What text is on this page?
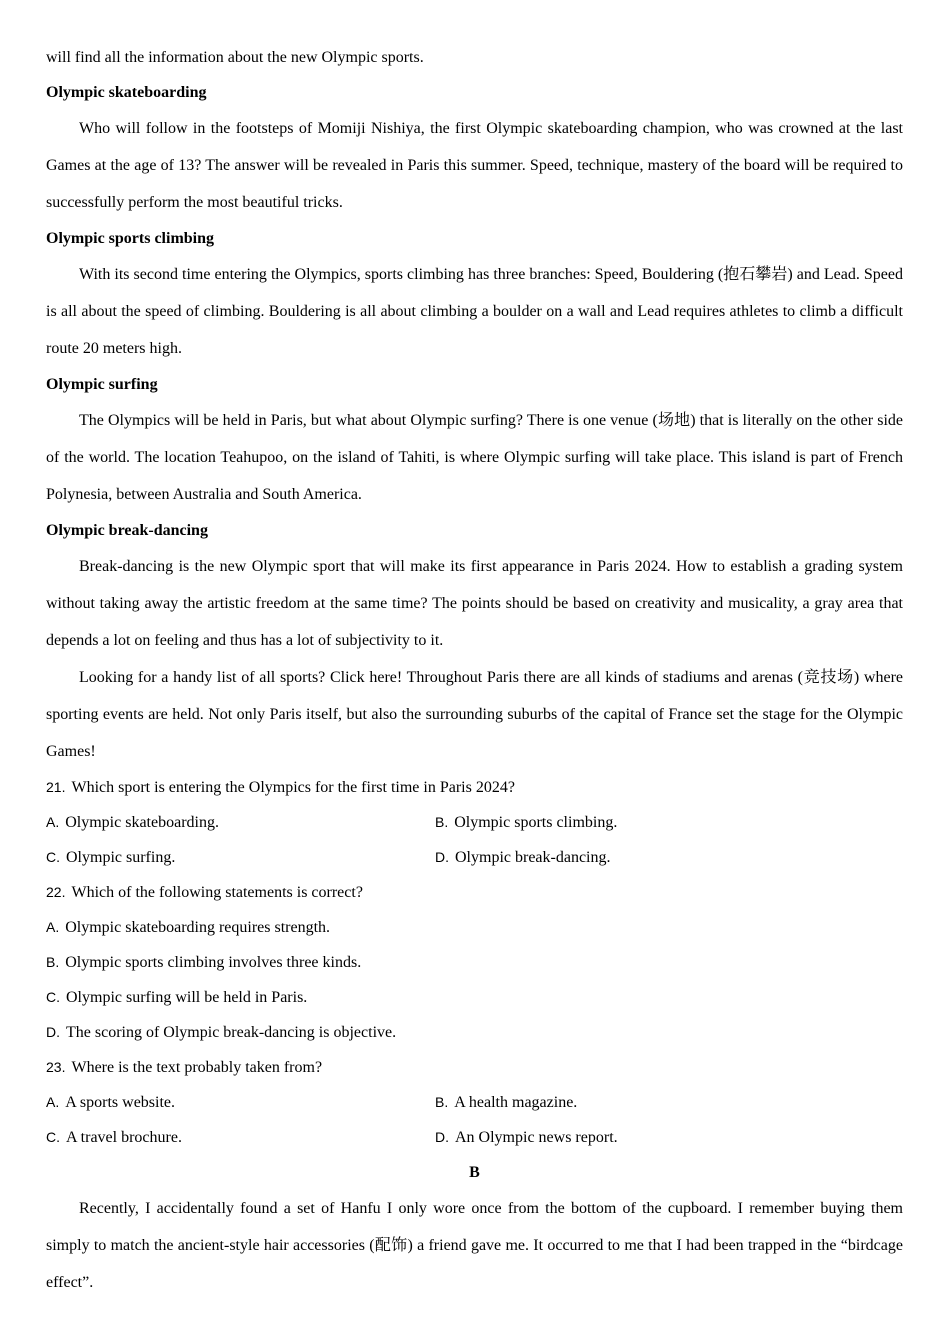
will find all the information about the new Olympic sports.
Olympic skateboarding

Who will follow in the footsteps of Momiji Nishiya, the first Olympic skateboarding champion, who was crowned at the last Games at the age of 13? The answer will be revealed in Paris this summer. Speed, technique, mastery of the board will be required to successfully perform the most beautiful tricks.

Olympic sports climbing

With its second time entering the Olympics, sports climbing has three branches: Speed, Bouldering (抱石攀岩) and Lead. Speed is all about the speed of climbing. Bouldering is all about climbing a boulder on a wall and Lead requires athletes to climb a difficult route 20 meters high.

Olympic surfing

The Olympics will be held in Paris, but what about Olympic surfing? There is one venue (场地) that is literally on the other side of the world. The location Teahupoo, on the island of Tahiti, is where Olympic surfing will take place. This island is part of French Polynesia, between Australia and South America.

Olympic break-dancing

Break-dancing is the new Olympic sport that will make its first appearance in Paris 2024. How to establish a grading system without taking away the artistic freedom at the same time? The points should be based on creativity and musicality, a gray area that depends a lot on feeling and thus has a lot of subjectivity to it.

Looking for a handy list of all sports? Click here! Throughout Paris there are all kinds of stadiums and arenas (竞技场) where sporting events are held. Not only Paris itself, but also the surrounding suburbs of the capital of France set the stage for the Olympic Games!

21. Which sport is entering the Olympics for the first time in Paris 2024?
A. Olympic skateboarding.	B. Olympic sports climbing.
C. Olympic surfing.	D. Olympic break-dancing.
22. Which of the following statements is correct?
A. Olympic skateboarding requires strength.
B. Olympic sports climbing involves three kinds.
C. Olympic surfing will be held in Paris.
D. The scoring of Olympic break-dancing is objective.
23. Where is the text probably taken from?
A. A sports website.	B. A health magazine.
C. A travel brochure.	D. An Olympic news report.
B

Recently, I accidentally found a set of Hanfu I only wore once from the bottom of the cupboard. I remember buying them simply to match the ancient-style hair accessories (配饰) a friend gave me. It occurred to me that I had been trapped in the “birdcage effect”.
